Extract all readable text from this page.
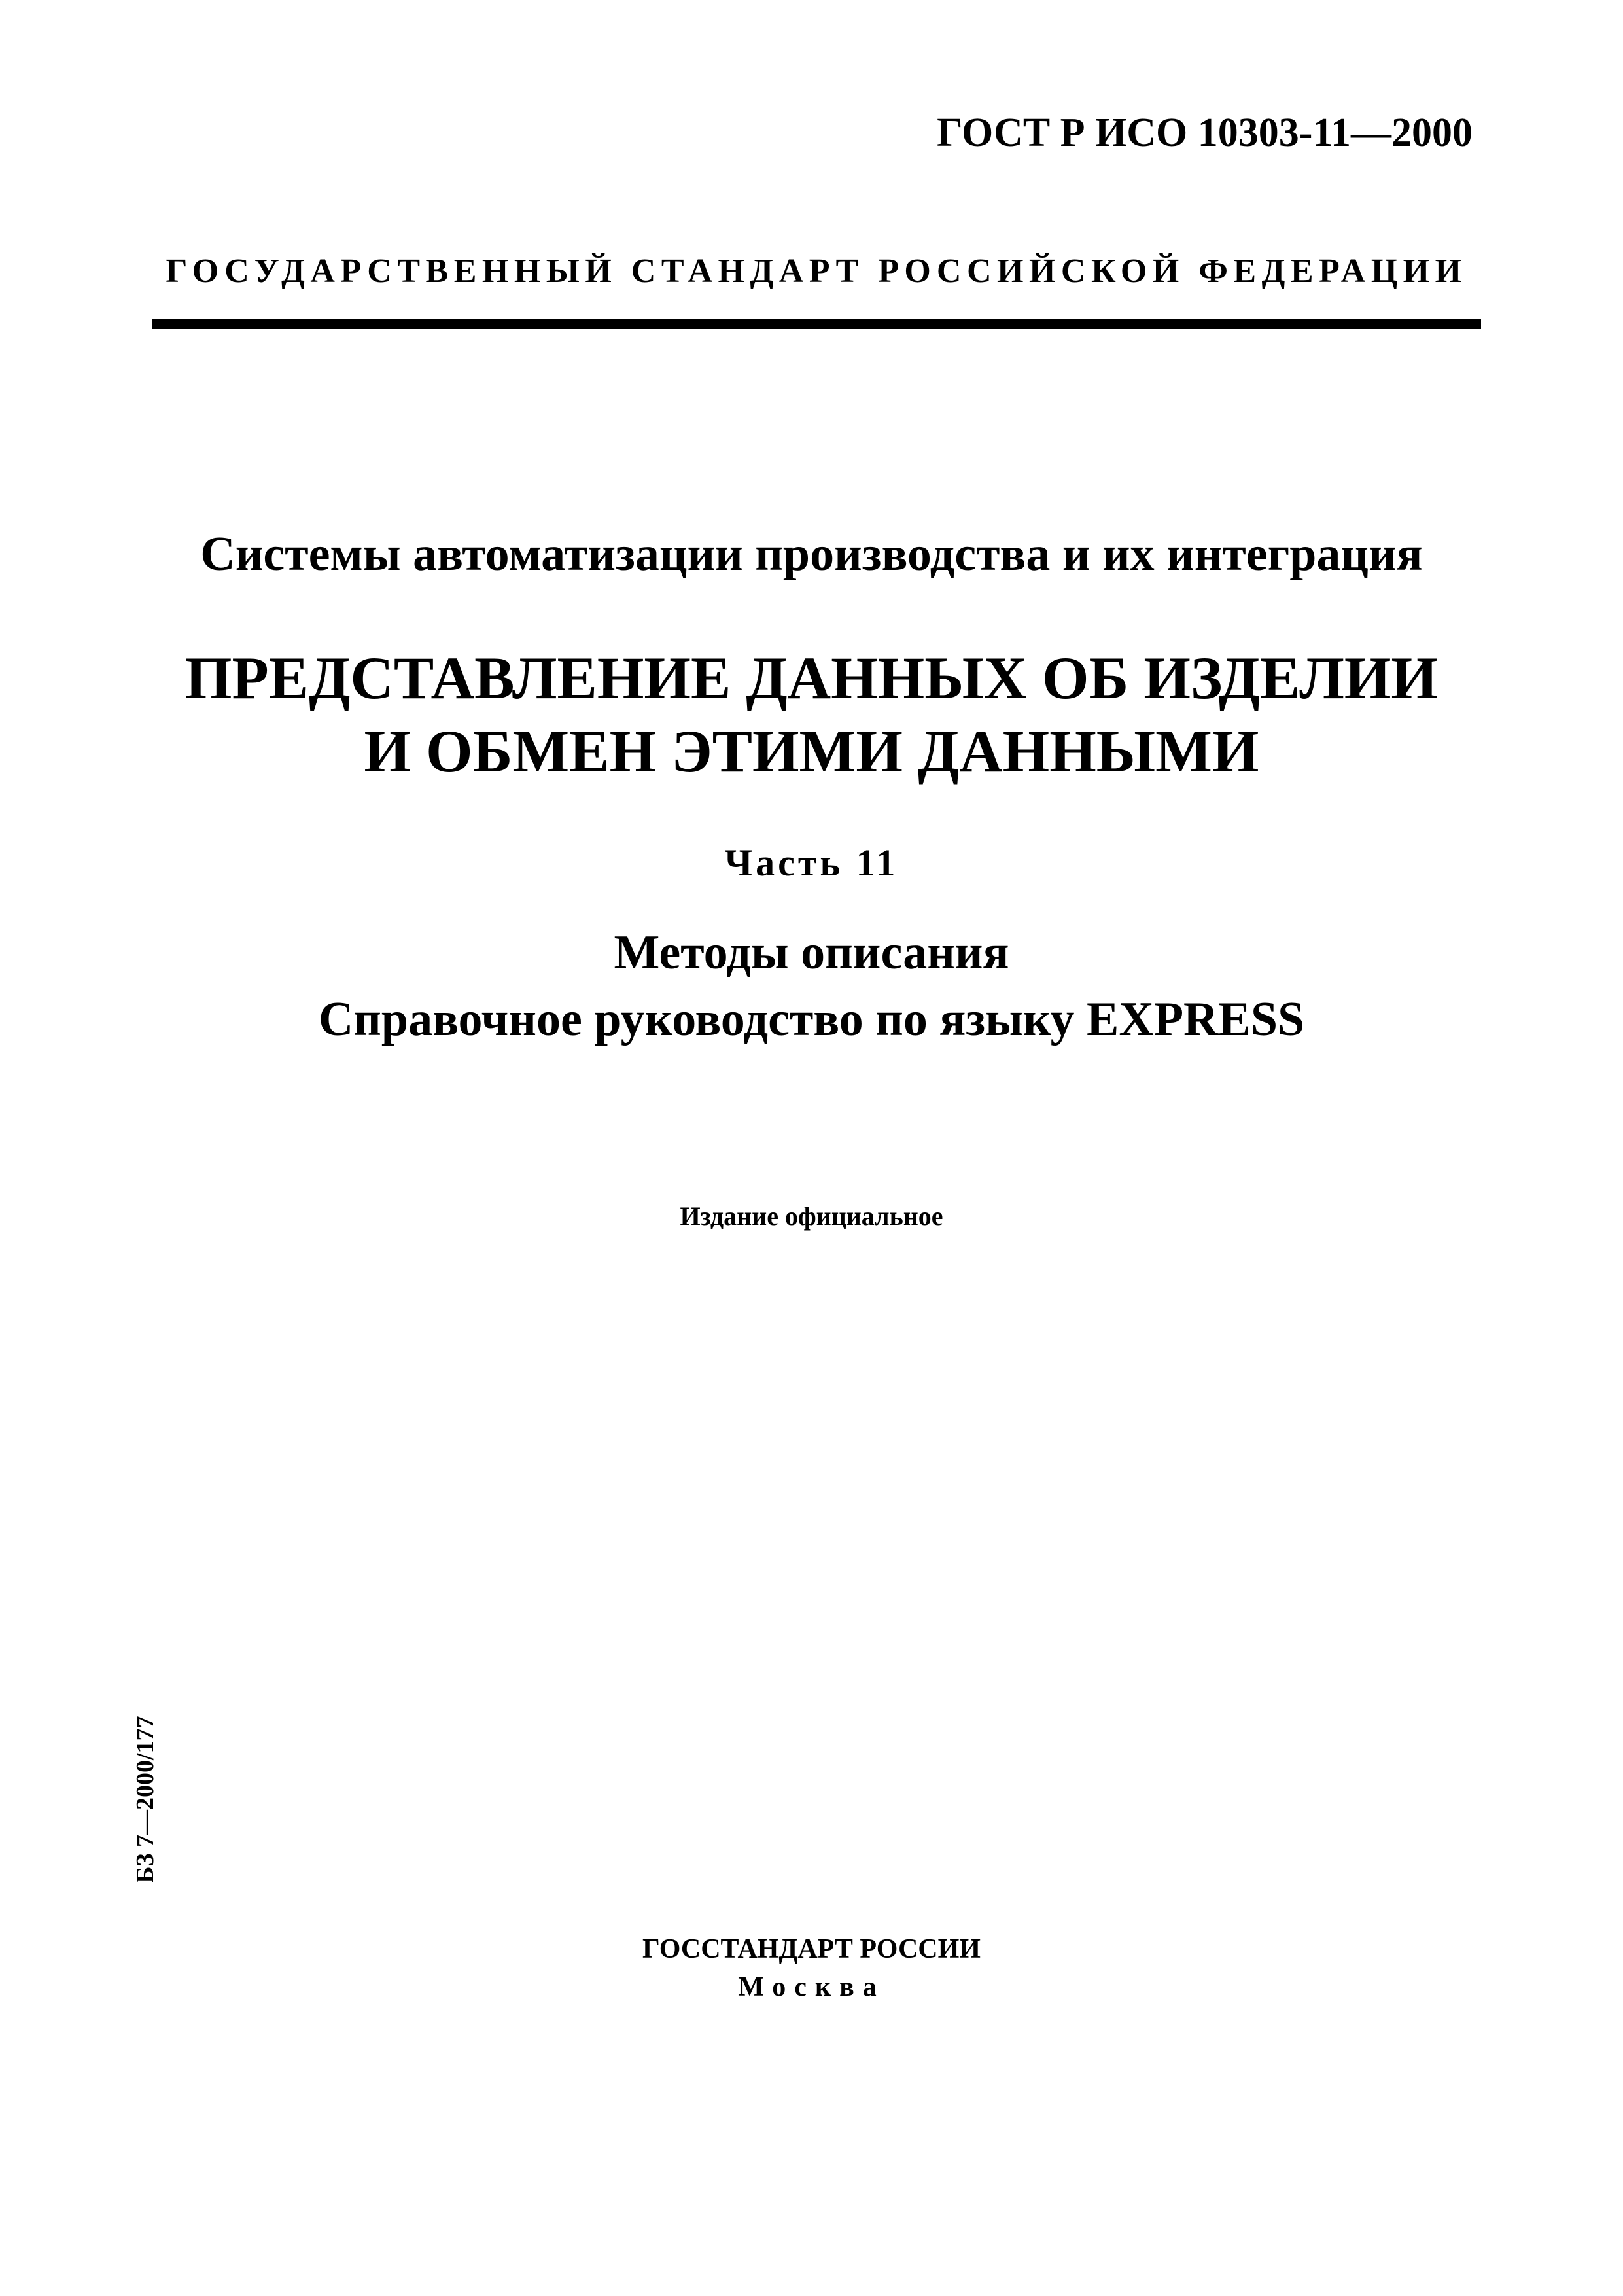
ГОСТ Р ИСО 10303-11—2000
ГОСУДАРСТВЕННЫЙ СТАНДАРТ РОССИЙСКОЙ ФЕДЕРАЦИИ
Системы автоматизации производства и их интеграция
ПРЕДСТАВЛЕНИЕ ДАННЫХ ОБ ИЗДЕЛИИ
И ОБМЕН ЭТИМИ ДАННЫМИ
Часть 11
Методы описания
Справочное руководство по языку EXPRESS
Издание официальное
БЗ 7—2000/177
ГОССТАНДАРТ РОССИИ
Москва
